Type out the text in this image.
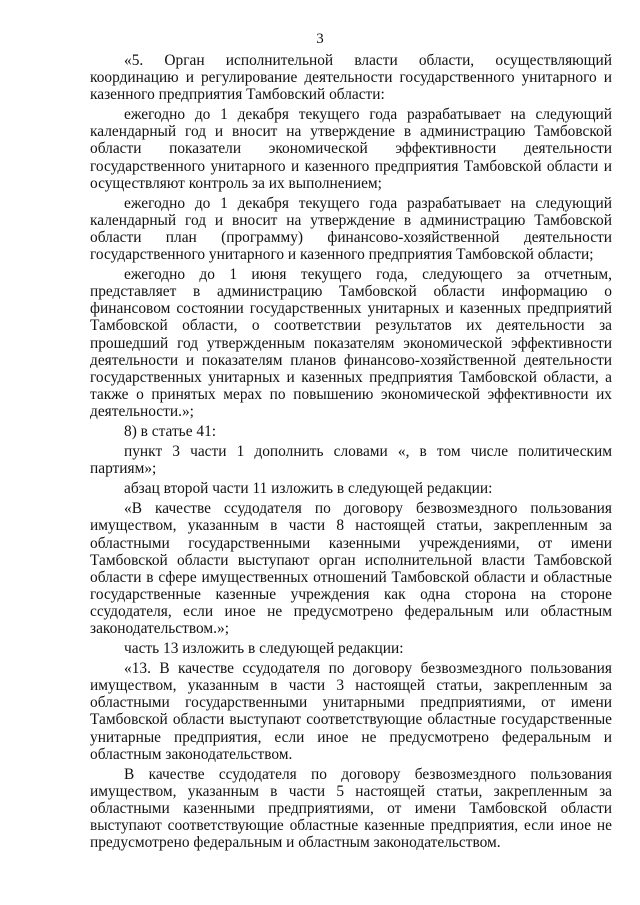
3

«5. Орган исполнительной власти области, осуществляющий координацию и регулирование деятельности государственного унитарного и казенного предприятия Тамбовский области:

ежегодно до 1 декабря текущего года разрабатывает на следующий календарный год и вносит на утверждение в администрацию Тамбовской области показатели экономической эффективности деятельности государственного унитарного и казенного предприятия Тамбовской области и осуществляют контроль за их выполнением;

ежегодно до 1 декабря текущего года разрабатывает на следующий календарный год и вносит на утверждение в администрацию Тамбовской области план (программу) финансово-хозяйственной деятельности государственного унитарного и казенного предприятия Тамбовской области;

ежегодно до 1 июня текущего года, следующего за отчетным, представляет в администрацию Тамбовской области информацию о финансовом состоянии государственных унитарных и казенных предприятий Тамбовской области, о соответствии результатов их деятельности за прошедший год утвержденным показателям экономической эффективности деятельности и показателям планов финансово-хозяйственной деятельности государственных унитарных и казенных предприятия Тамбовской области, а также о принятых мерах по повышению экономической эффективности их деятельности.»;

8) в статье 41:

пункт 3 части 1 дополнить словами «, в том числе политическим партиям»;

абзац второй части 11 изложить в следующей редакции:

«В качестве ссудодателя по договору безвозмездного пользования имуществом, указанным в части 8 настоящей статьи, закрепленным за областными государственными казенными учреждениями, от имени Тамбовской области выступают орган исполнительной власти Тамбовской области в сфере имущественных отношений Тамбовской области и областные государственные казенные учреждения как одна сторона на стороне ссудодателя, если иное не предусмотрено федеральным или областным законодательством.»;

часть 13 изложить в следующей редакции:

«13. В качестве ссудодателя по договору безвозмездного пользования имуществом, указанным в части 3 настоящей статьи, закрепленным за областными государственными унитарными предприятиями, от имени Тамбовской области выступают соответствующие областные государственные унитарные предприятия, если иное не предусмотрено федеральным и областным законодательством.

В качестве ссудодателя по договору безвозмездного пользования имуществом, указанным в части 5 настоящей статьи, закрепленным за областными казенными предприятиями, от имени Тамбовской области выступают соответствующие областные казенные предприятия, если иное не предусмотрено федеральным и областным законодательством.
